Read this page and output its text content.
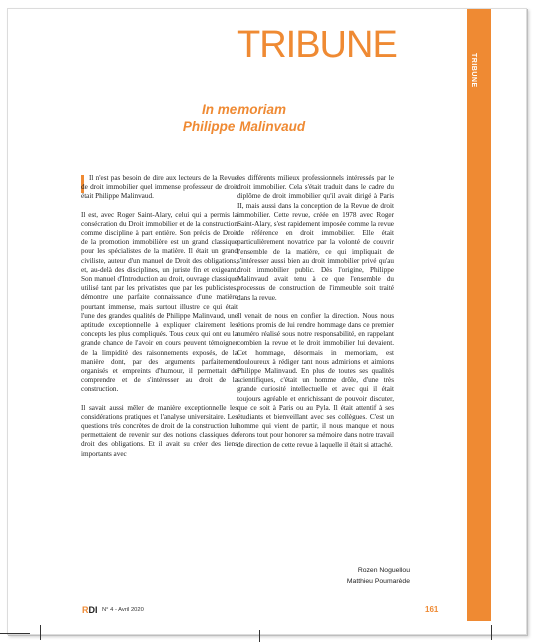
TRIBUNE
TRIBUNE
In memoriam
Philippe Malinvaud

Il n'est pas besoin de dire aux lecteurs de la Revue de droit immobilier quel immense professeur de droit était Philippe Malinvaud.

Il est, avec Roger Saint-Alary, celui qui a permis la consécration du Droit immobilier et de la construction comme discipline à part entière. Son précis de Droit de la promotion immobilière est un grand classique pour les spécialistes de la matière. Il était un grand civiliste, auteur d'un manuel de Droit des obligations, et, au-delà des disciplines, un juriste fin et exigeant. Son manuel d'Introduction au droit, ouvrage classique utilisé tant par les privatistes que par les publicistes, démontre une parfaite connaissance d'une matière pourtant immense, mais surtout illustre ce qui était l'une des grandes qualités de Philippe Malinvaud, une aptitude exceptionnelle à expliquer clairement les concepts les plus compliqués. Tous ceux qui ont eu la grande chance de l'avoir en cours peuvent témoigner de la limpidité des raisonnements exposés, de la manière dont, par des arguments parfaitement organisés et empreints d'humour, il permettait de comprendre et de s'intéresser au droit de la construction.

Il savait aussi mêler de manière exceptionnelle les considérations pratiques et l'analyse universitaire. Les questions très concrètes de droit de la construction lui permettaient de revenir sur des notions classiques de droit des obligations. Et il avait su créer des liens importants avec

les différents milieux professionnels intéressés par le droit immobilier. Cela s'était traduit dans le cadre du diplôme de droit immobilier qu'il avait dirigé à Paris II, mais aussi dans la conception de la Revue de droit immobilier. Cette revue, créée en 1978 avec Roger Saint-Alary, s'est rapidement imposée comme la revue de référence en droit immobilier. Elle était particulièrement novatrice par la volonté de couvrir l'ensemble de la matière, ce qui impliquait de s'intéresser aussi bien au droit immobilier privé qu'au droit immobilier public. Dès l'origine, Philippe Malinvaud avait tenu à ce que l'ensemble du processus de construction de l'immeuble soit traité dans la revue.

Il venait de nous en confier la direction. Nous nous étions promis de lui rendre hommage dans ce premier numéro réalisé sous notre responsabilité, en rappelant combien la revue et le droit immobilier lui devaient. Cet hommage, désormais in memoriam, est douloureux à rédiger tant nous admirions et aimions Philippe Malinvaud. En plus de toutes ses qualités scientifiques, c'était un homme drôle, d'une très grande curiosité intellectuelle et avec qui il était toujours agréable et enrichissant de pouvoir discuter, que ce soit à Paris ou au Pyla. Il était attentif à ses étudiants et bienveillant avec ses collègues. C'est un homme qui vient de partir, il nous manque et nous ferons tout pour honorer sa mémoire dans notre travail de direction de cette revue à laquelle il était si attaché.

Rozen Noguellou
Matthieu Poumarède
RDI N° 4 - Avril 2020	161
